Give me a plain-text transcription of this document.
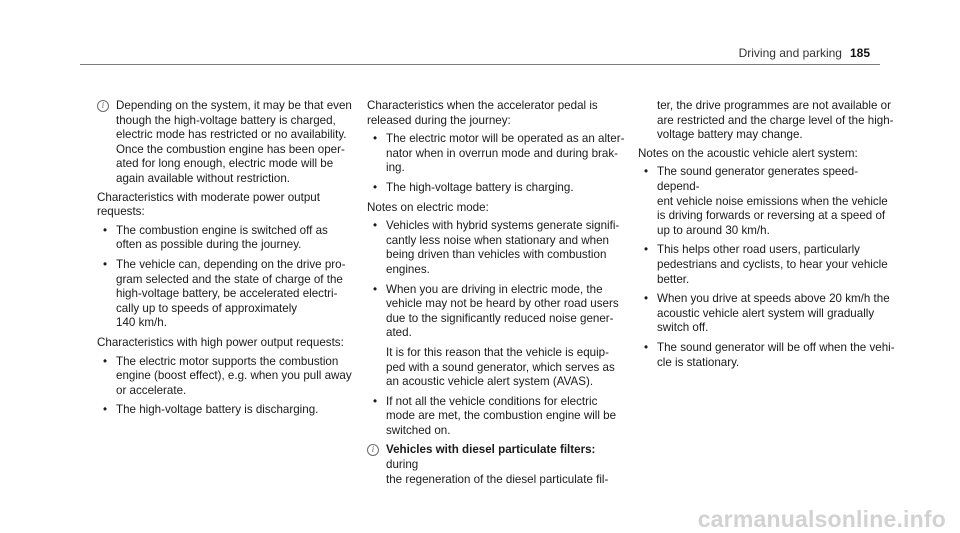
Driving and parking 185

i	Depending on the system, it may be that even
though the high-voltage battery is charged,
electric mode has restricted or no availability.
Once the combustion engine has been oper-
ated for long enough, electric mode will be
again available without restriction.

Characteristics with moderate power output
requests:

• The combustion engine is switched off as
often as possible during the journey.
• The vehicle can, depending on the drive pro-
gram selected and the state of charge of the
high-voltage battery, be accelerated electri-
cally up to speeds of approximately
140 km/h.

Characteristics with high power output requests:

• The electric motor supports the combustion
engine (boost effect), e.g. when you pull away
or accelerate.
• The high-voltage battery is discharging.

Characteristics when the accelerator pedal is
released during the journey:

• The electric motor will be operated as an alter-
nator when in overrun mode and during brak-
ing.
• The high-voltage battery is charging.

Notes on electric mode:

• Vehicles with hybrid systems generate signifi-
cantly less noise when stationary and when
being driven than vehicles with combustion
engines.
• When you are driving in electric mode, the
vehicle may not be heard by other road users
due to the significantly reduced noise gener-
ated.
It is for this reason that the vehicle is equip-
ped with a sound generator, which serves as
an acoustic vehicle alert system (AVAS).
• If not all the vehicle conditions for electric
mode are met, the combustion engine will be
switched on.

i	Vehicles with diesel particulate filters: during
the regeneration of the diesel particulate fil-

ter, the drive programmes are not available or
are restricted and the charge level of the high-
voltage battery may change.

Notes on the acoustic vehicle alert system:

• The sound generator generates speed-depend-
ent vehicle noise emissions when the vehicle
is driving forwards or reversing at a speed of
up to around 30 km/h.
• This helps other road users, particularly
pedestrians and cyclists, to hear your vehicle
better.
• When you drive at speeds above 20 km/h the
acoustic vehicle alert system will gradually
switch off.
• The sound generator will be off when the vehi-
cle is stationary.
carmanualsonline.info
